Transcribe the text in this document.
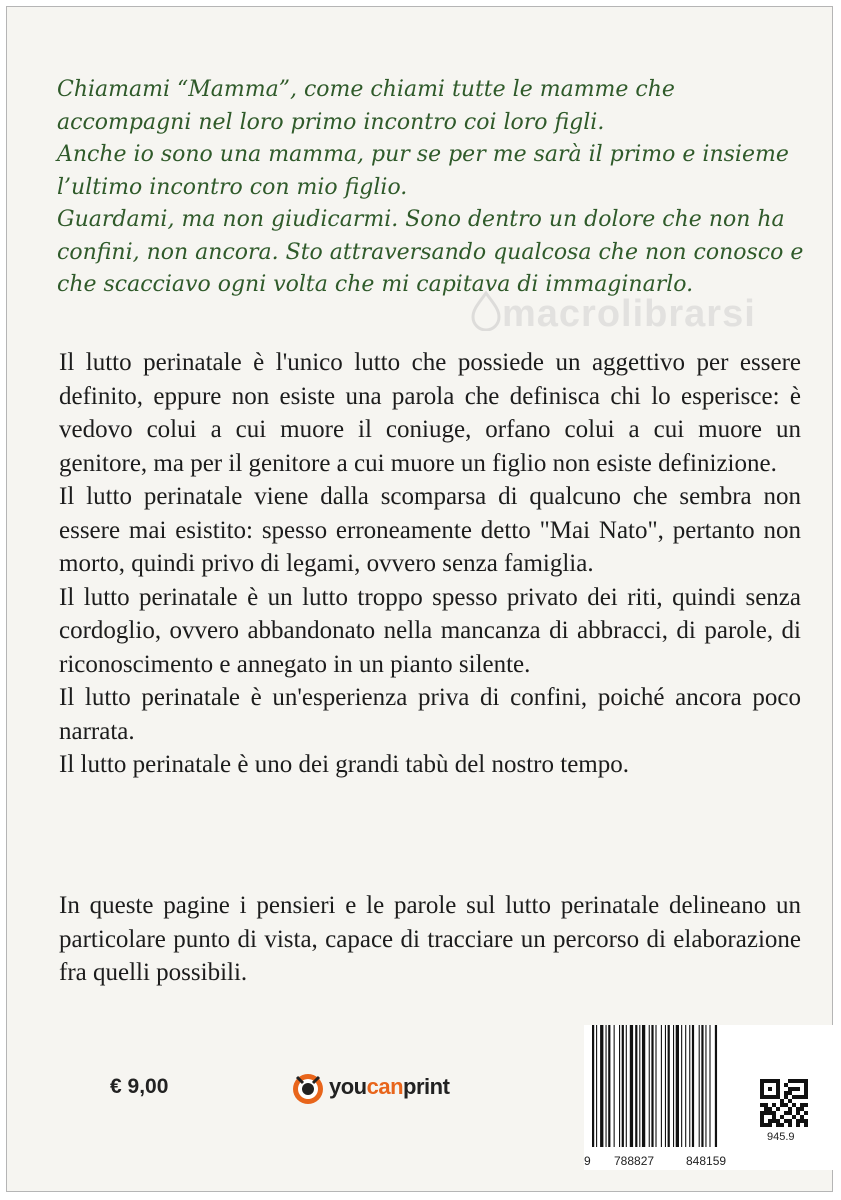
Chiamami “Mamma”, come chiami tutte le mamme che accompagni nel loro primo incontro coi loro figli.

Anche io sono una mamma, pur se per me sarà il primo e insieme l’ultimo incontro con mio figlio.

Guardami, ma non giudicarmi. Sono dentro un dolore che non ha confini, non ancora. Sto attraversando qualcosa che non conosco e che scacciavo ogni volta che mi capitava di immaginarlo.

macrolibrarsi

Il lutto perinatale è l'unico lutto che possiede un aggettivo per essere definito, eppure non esiste una parola che definisca chi lo esperisce: è vedovo colui a cui muore il coniuge, orfano colui a cui muore un genitore, ma per il genitore a cui muore un figlio non esiste definizione.

Il lutto perinatale viene dalla scomparsa di qualcuno che sembra non essere mai esistito: spesso erroneamente detto "Mai Nato", pertanto non morto, quindi privo di legami, ovvero senza famiglia.

Il lutto perinatale è un lutto troppo spesso privato dei riti, quindi senza cordoglio, ovvero abbandonato nella mancanza di abbracci, di parole, di riconoscimento e annegato in un pianto silente.

Il lutto perinatale è un'esperienza priva di confini, poiché ancora poco narrata.

Il lutto perinatale è uno dei grandi tabù del nostro tempo.

In queste pagine i pensieri e le parole sul lutto perinatale delineano un particolare punto di vista, capace di tracciare un percorso di elaborazione fra quelli possibili.
€ 9,00	youcanprint
9 788827	848159
945.9
